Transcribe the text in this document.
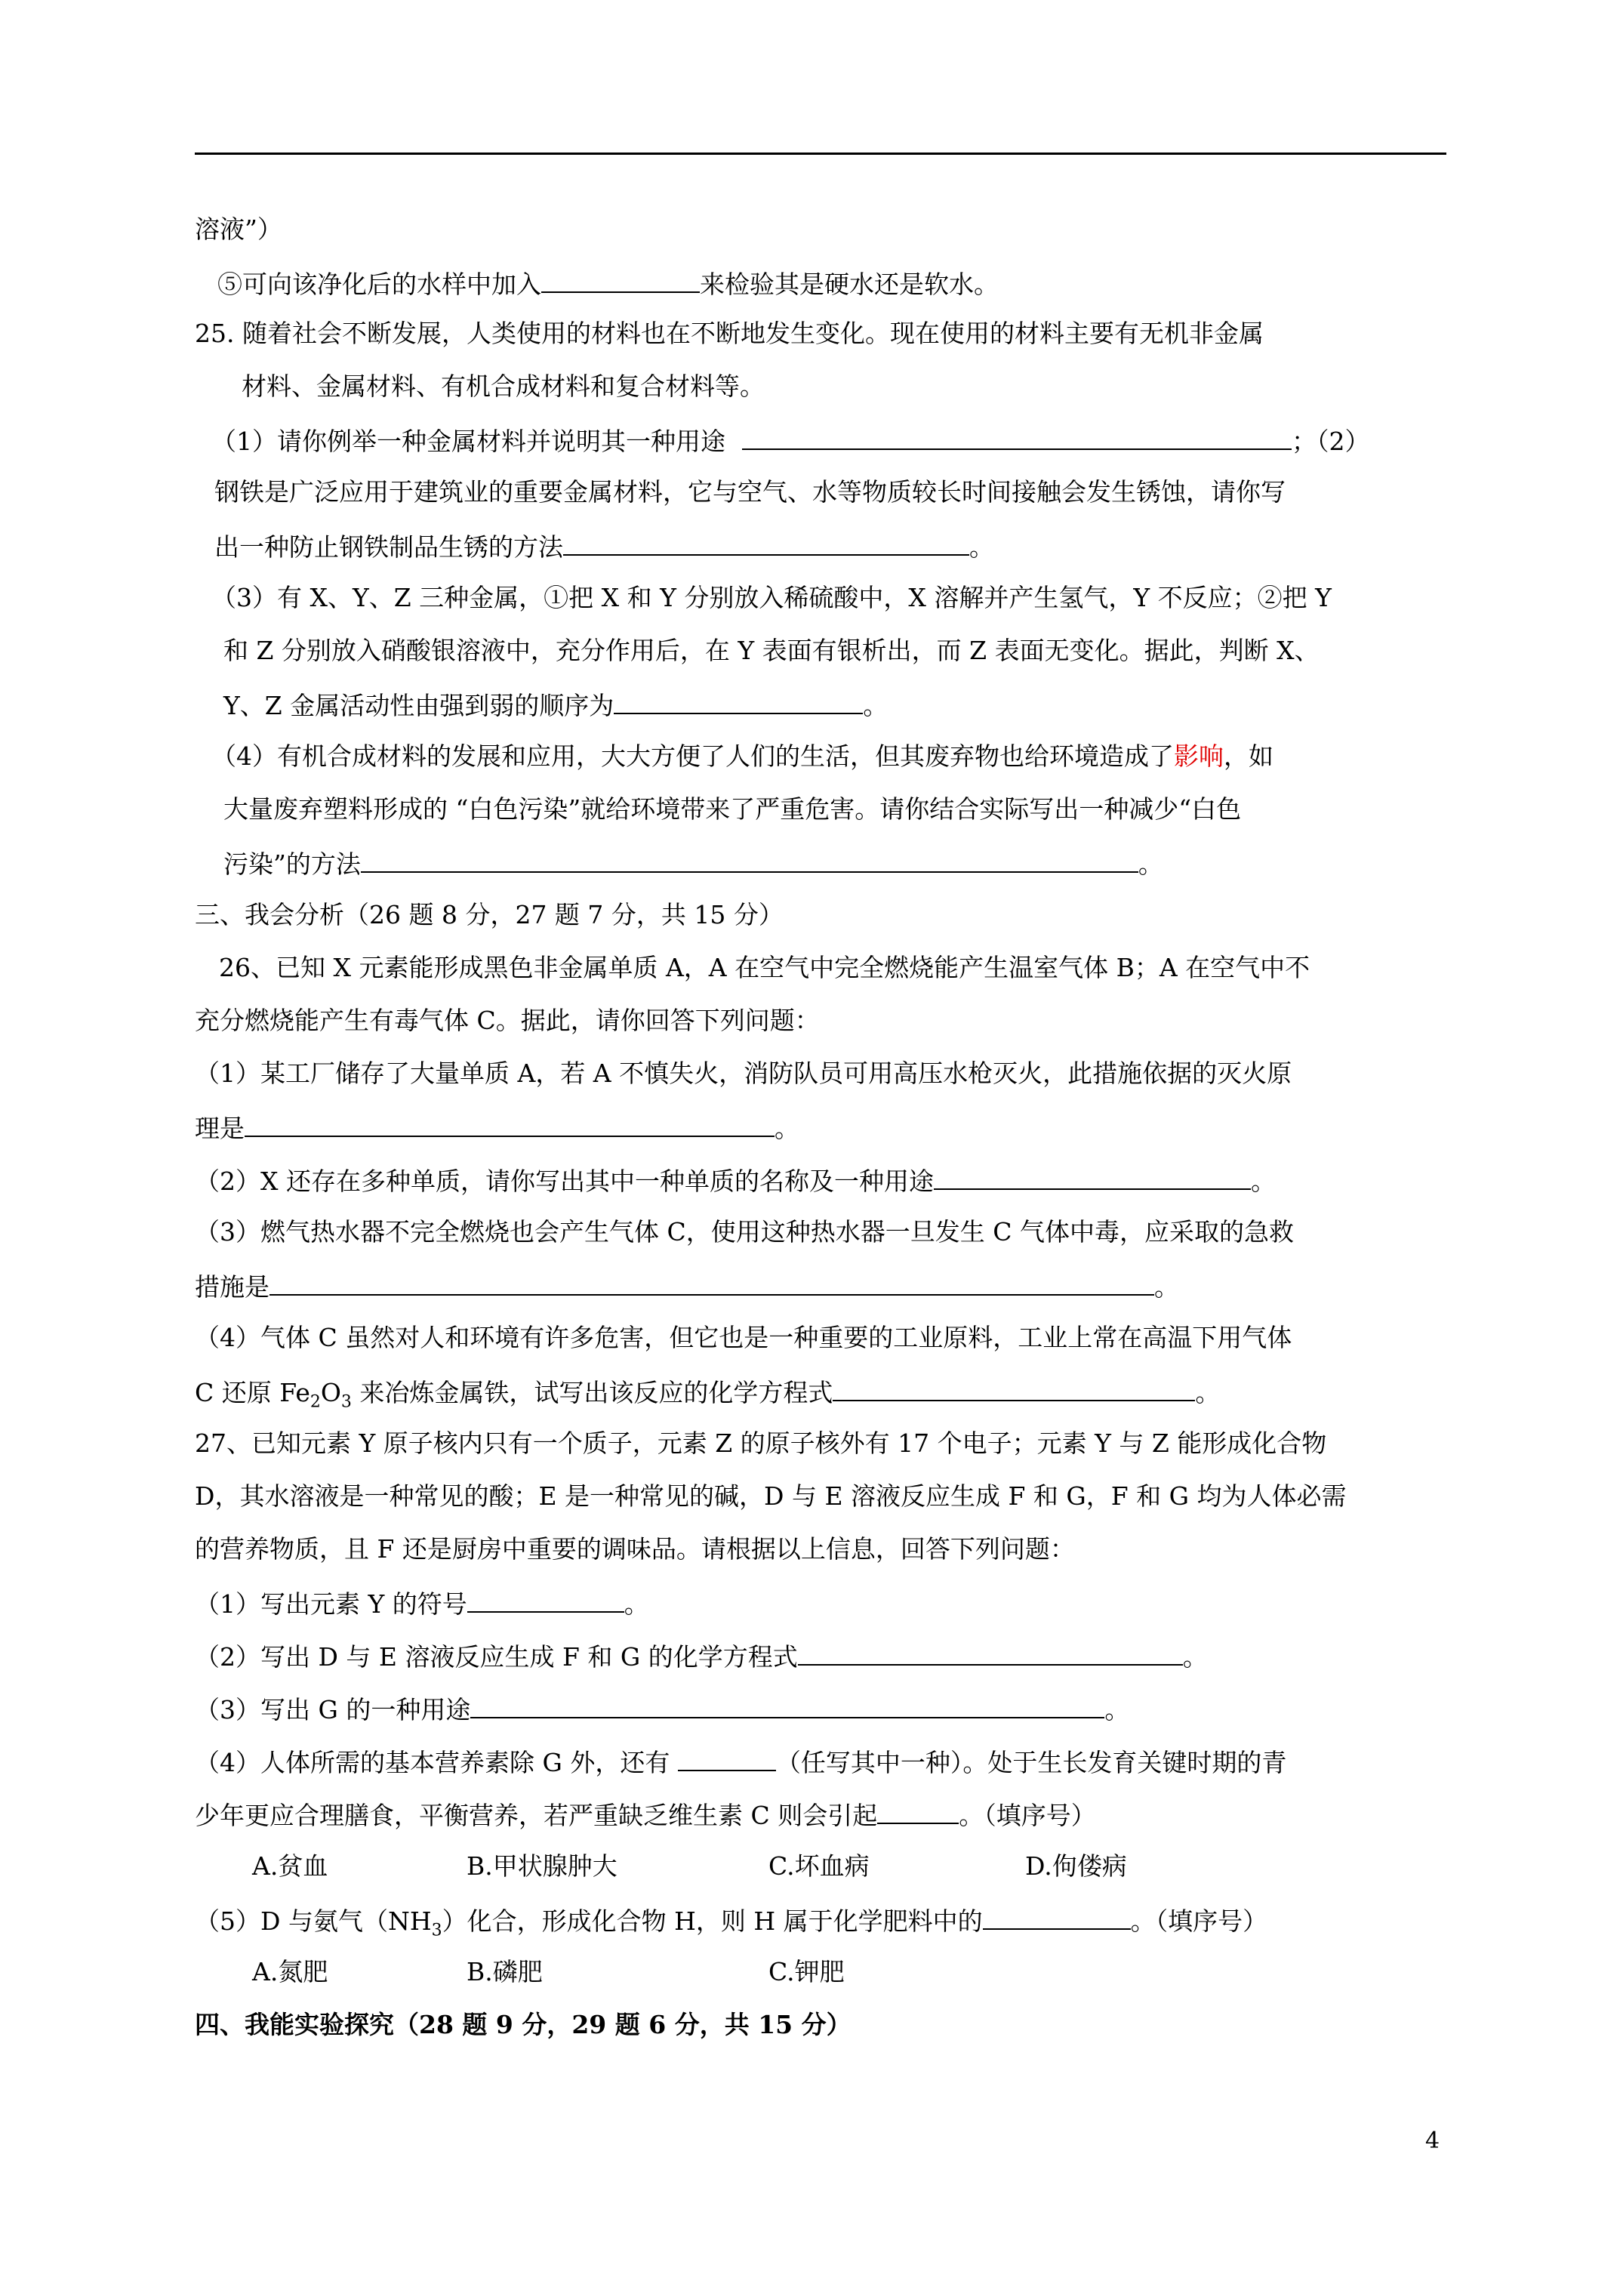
溶液”）
⑤可向该净化后的水样中加入	来检验其是硬水还是软水。
25. 随着社会不断发展，人类使用的材料也在不断地发生变化。现在使用的材料主要有无机非金属
材料、金属材料、有机合成材料和复合材料等。
（1）请你例举一种金属材料并说明其一种用途	；（2）
钢铁是广泛应用于建筑业的重要金属材料，它与空气、水等物质较长时间接触会发生锈蚀，请你写
出一种防止钢铁制品生锈的方法	。
（3）有 X、Y、Z 三种金属，①把 X 和 Y 分别放入稀硫酸中，X 溶解并产生氢气，Y 不反应；②把 Y
和 Z 分别放入硝酸银溶液中，充分作用后，在 Y 表面有银析出，而 Z 表面无变化。据此，判断 X、
Y、Z 金属活动性由强到弱的顺序为	。
（4）有机合成材料的发展和应用，大大方便了人们的生活，但其废弃物也给环境造成了影响，如
大量废弃塑料形成的 “白色污染”就给环境带来了严重危害。请你结合实际写出一种减少“白色
污染”的方法	。
三、我会分析（26 题 8 分，27 题 7 分，共 15 分）
26、已知 X 元素能形成黑色非金属单质 A，A 在空气中完全燃烧能产生温室气体 B；A 在空气中不
充分燃烧能产生有毒气体 C。据此，请你回答下列问题：
（1）某工厂储存了大量单质 A，若 A 不慎失火，消防队员可用高压水枪灭火，此措施依据的灭火原
理是	。
（2）X 还存在多种单质，请你写出其中一种单质的名称及一种用途	。
（3）燃气热水器不完全燃烧也会产生气体 C，使用这种热水器一旦发生 C 气体中毒，应采取的急救
措施是	。
（4）气体 C 虽然对人和环境有许多危害，但它也是一种重要的工业原料，工业上常在高温下用气体
C 还原 $Fe_2O_3$ 来冶炼金属铁，试写出该反应的化学方程式	。
27、已知元素 Y 原子核内只有一个质子，元素 Z 的原子核外有 17 个电子；元素 Y 与 Z 能形成化合物
D，其水溶液是一种常见的酸；E 是一种常见的碱，D 与 E 溶液反应生成 F 和 G，F 和 G 均为人体必需
的营养物质，且 F 还是厨房中重要的调味品。请根据以上信息，回答下列问题：
（1）写出元素 Y 的符号	。
（2）写出 D 与 E 溶液反应生成 F 和 G 的化学方程式	。
（3）写出 G 的一种用途	。
（4）人体所需的基本营养素除 G 外，还有	（任写其中一种）。处于生长发育关键时期的青
少年更应合理膳食，平衡营养，若严重缺乏维生素 C 则会引起	。（填序号）
A.贫血	B.甲状腺肿大	C.坏血病	D.佝偻病
（5）D 与氨气$(NH_3)$化合，形成化合物 H，则 H 属于化学肥料中的	。（填序号）
A.氮肥	B.磷肥	C.钾肥
四、我能实验探究（28 题 9 分，29 题 6 分，共 15 分）
4
